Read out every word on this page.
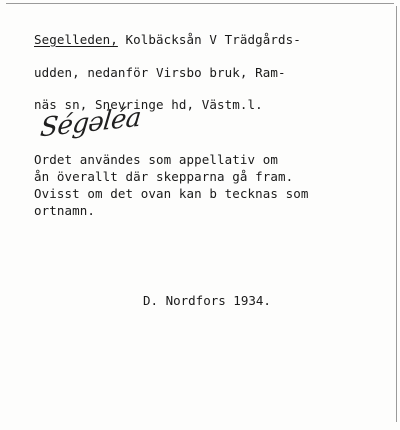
Segelleden, Kolbäcksån V Trädgårds-
udden, nedanför Virsbo bruk, Ram-
näs sn, Snevringe hd, Västm.l.
Ségəléa
Ordet användes som appellativ om
ån överallt där skepparna gå fram.
Ovisst om det ovan kan b tecknas som
ortnamn.
D. Nordfors 1934.
